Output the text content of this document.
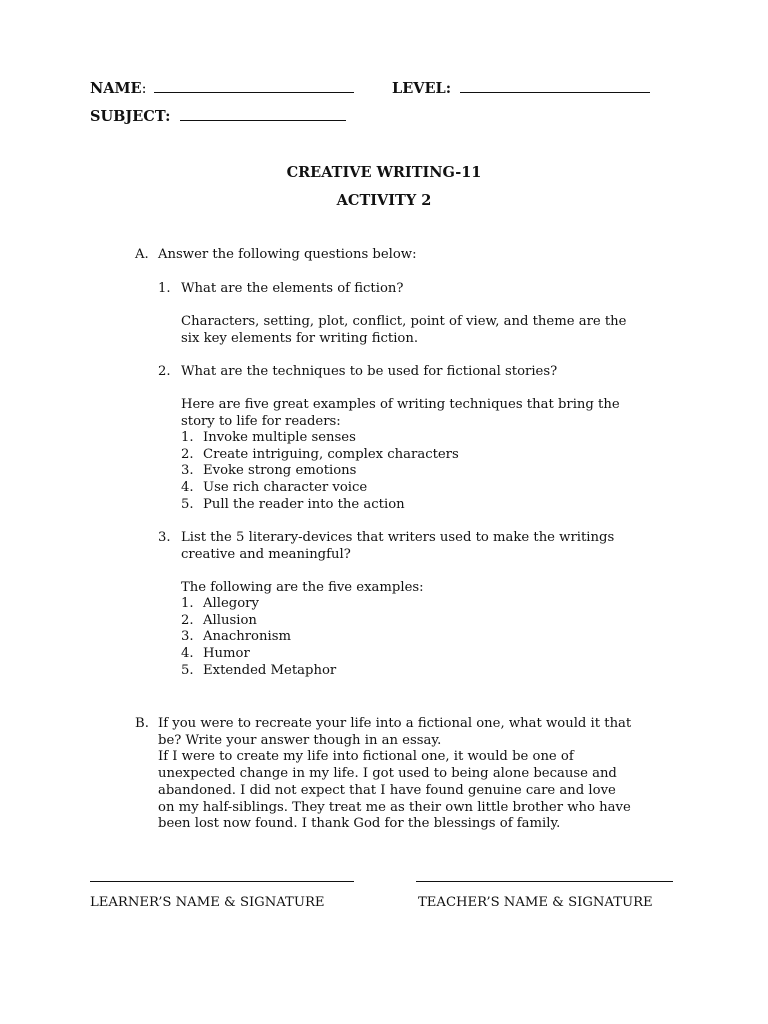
NAME:	LEVEL:
SUBJECT:
CREATIVE WRITING-11
ACTIVITY 2
A. Answer the following questions below:
1. What are the elements of fiction?
Characters, setting, plot, conflict, point of view, and theme are the
six key elements for writing fiction.
2. What are the techniques to be used for fictional stories?
Here are five great examples of writing techniques that bring the
story to life for readers:
1. Invoke multiple senses
2. Create intriguing, complex characters
3. Evoke strong emotions
4. Use rich character voice
5. Pull the reader into the action
3. List the 5 literary-devices that writers used to make the writings
creative and meaningful?
The following are the five examples:
1. Allegory
2. Allusion
3. Anachronism
4. Humor
5. Extended Metaphor
B. If you were to recreate your life into a fictional one, what would it that
be? Write your answer though in an essay.
If I were to create my life into fictional one, it would be one of
unexpected change in my life. I got used to being alone because and
abandoned. I did not expect that I have found genuine care and love
on my half-siblings. They treat me as their own little brother who have
been lost now found. I thank God for the blessings of family.
LEARNER’S NAME & SIGNATURE	TEACHER’S NAME & SIGNATURE
